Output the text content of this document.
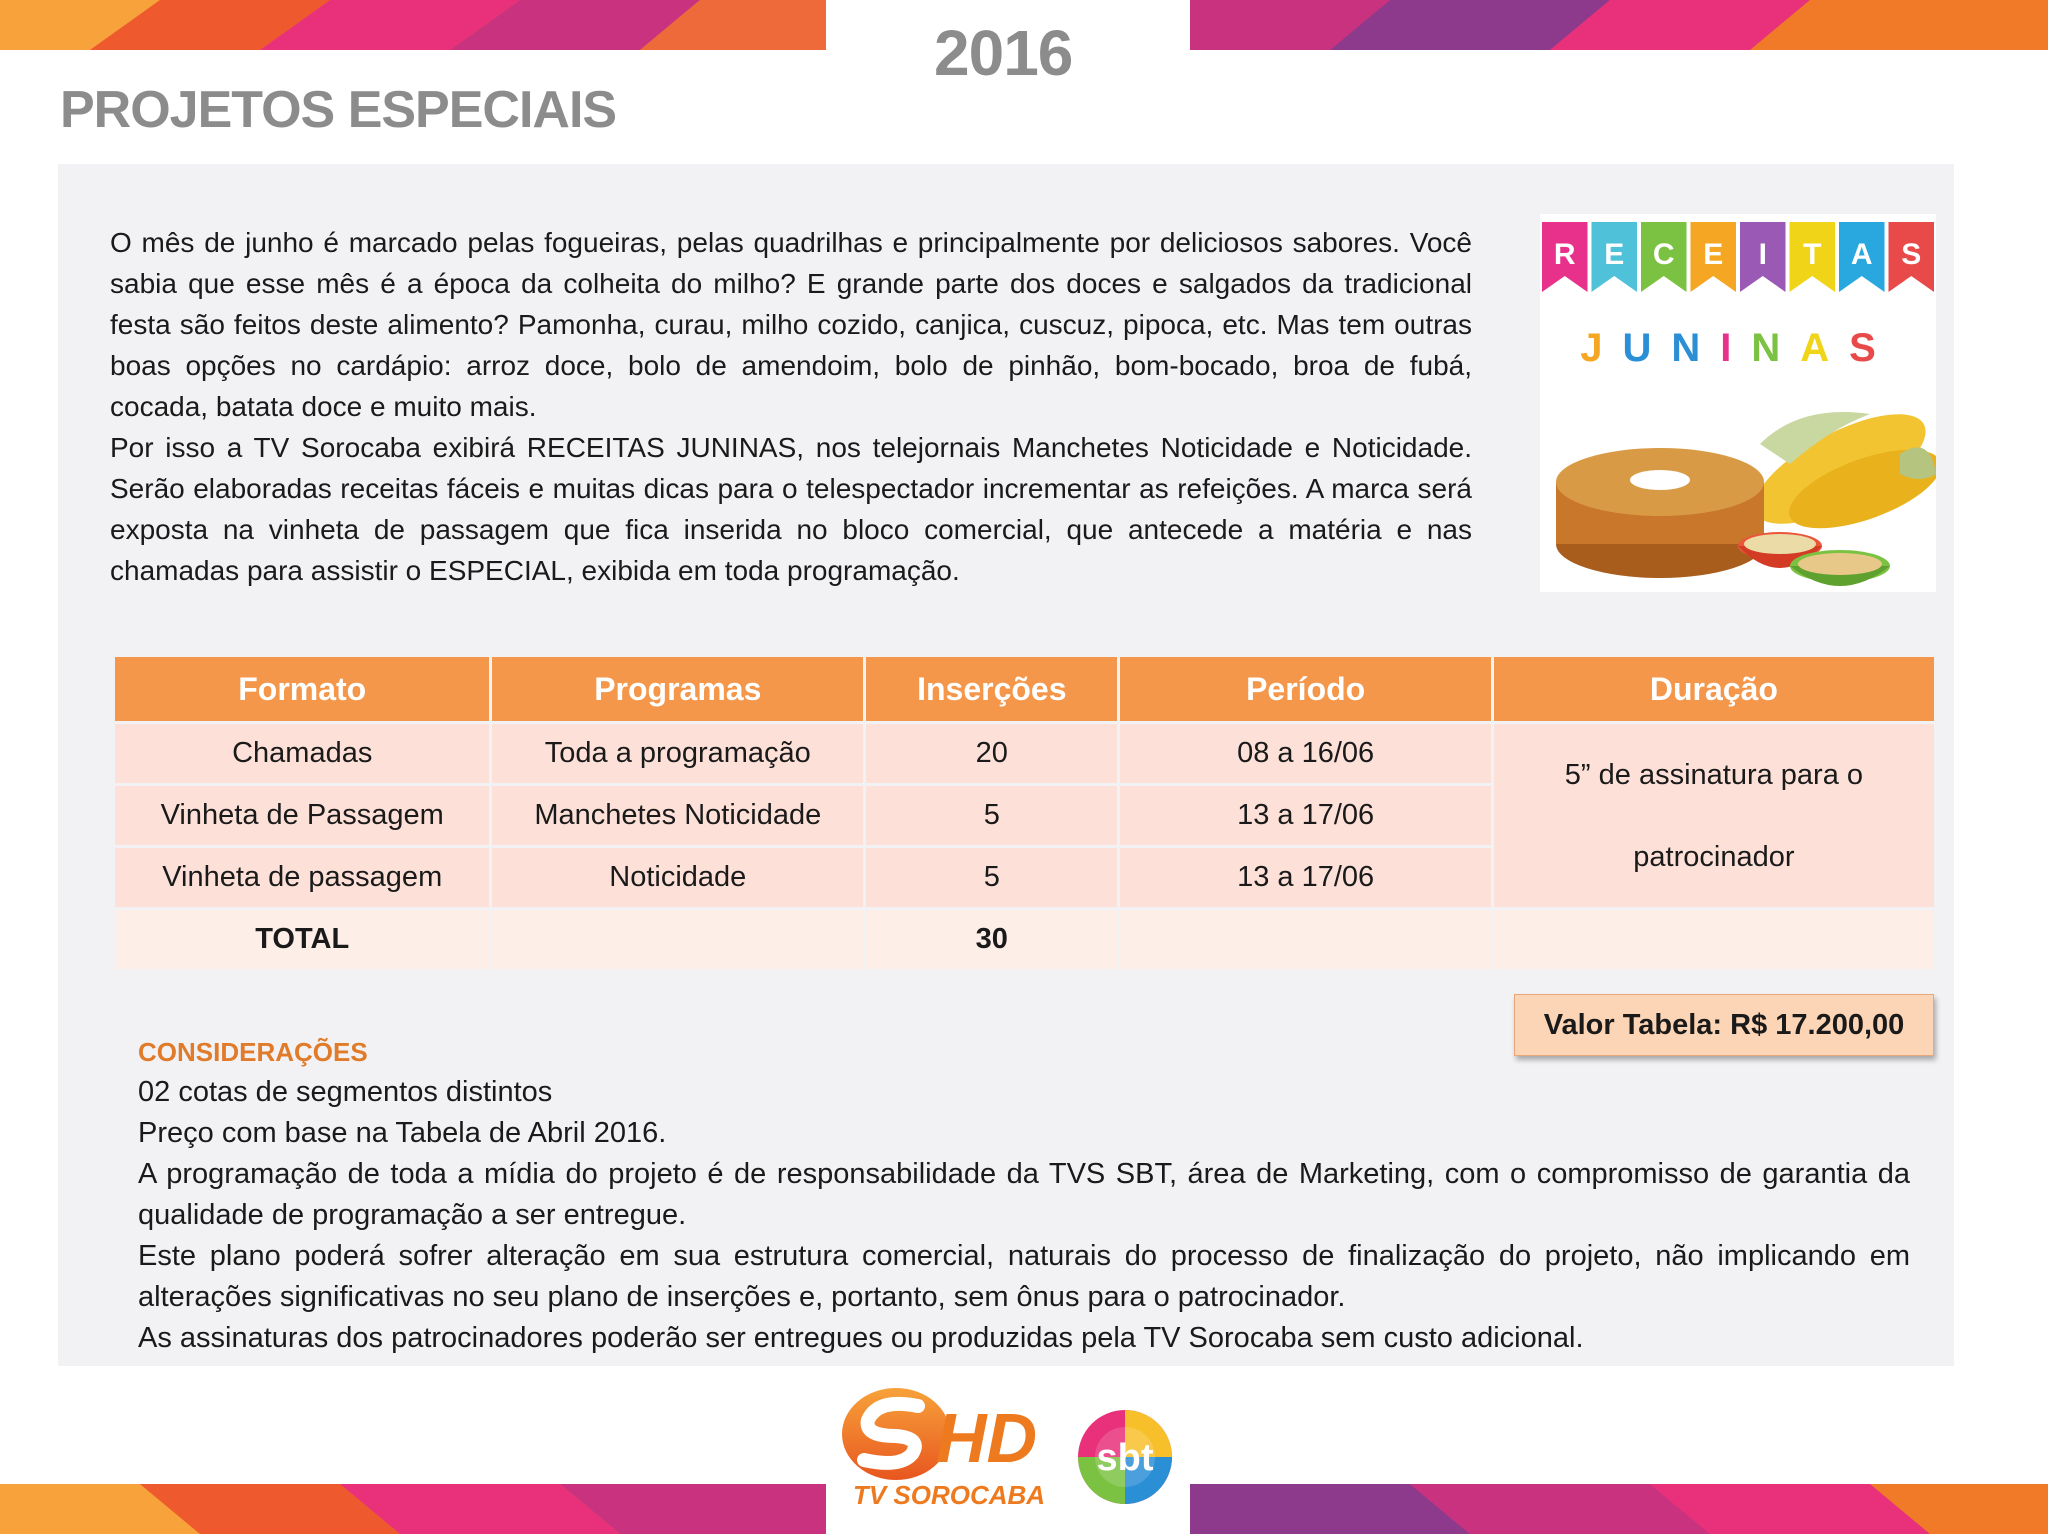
2016
PROJETOS ESPECIAIS

O mês de junho é marcado pelas fogueiras, pelas quadrilhas e principalmente por deliciosos sabores. Você sabia que esse mês é a época da colheita do milho? E grande parte dos doces e salgados da tradicional festa são feitos deste alimento? Pamonha, curau, milho cozido, canjica, cuscuz, pipoca, etc. Mas tem outras boas opções no cardápio: arroz doce, bolo de amendoim, bolo de pinhão, bom-bocado, broa de fubá, cocada, batata doce e muito mais.

Por isso a TV Sorocaba exibirá RECEITAS JUNINAS, nos telejornais Manchetes Noticidade e Noticidade. Serão elaboradas receitas fáceis e muitas dicas para o telespectador incrementar as refeições. A marca será exposta na vinheta de passagem que fica inserida no bloco comercial, que antecede a matéria e nas chamadas para assistir o ESPECIAL, exibida em toda programação.

R E C E I T A S
JUNINAS
Formato	Programas	Inserções	Período	Duração
Chamadas	Toda a programação	20	08 a 16/06	5” de assinatura para o
patrocinador
Vinheta de Passagem	Manchetes Noticidade	5	13 a 17/06	
Vinheta de passagem	Noticidade	5	13 a 17/06	
TOTAL		30		
Valor Tabela: R$ 17.200,00
CONSIDERAÇÕES

02 cotas de segmentos distintos

Preço com base na Tabela de Abril 2016.

A programação de toda a mídia do projeto é de responsabilidade da TVS SBT, área de Marketing, com o compromisso de garantia da qualidade de programação a ser entregue.

Este plano poderá sofrer alteração em sua estrutura comercial, naturais do processo de finalização do projeto, não implicando em alterações significativas no seu plano de inserções e, portanto, sem ônus para o patrocinador.

As assinaturas dos patrocinadores poderão ser entregues ou produzidas pela TV Sorocaba sem custo adicional.

HD
TV SOROCABA
sbt
